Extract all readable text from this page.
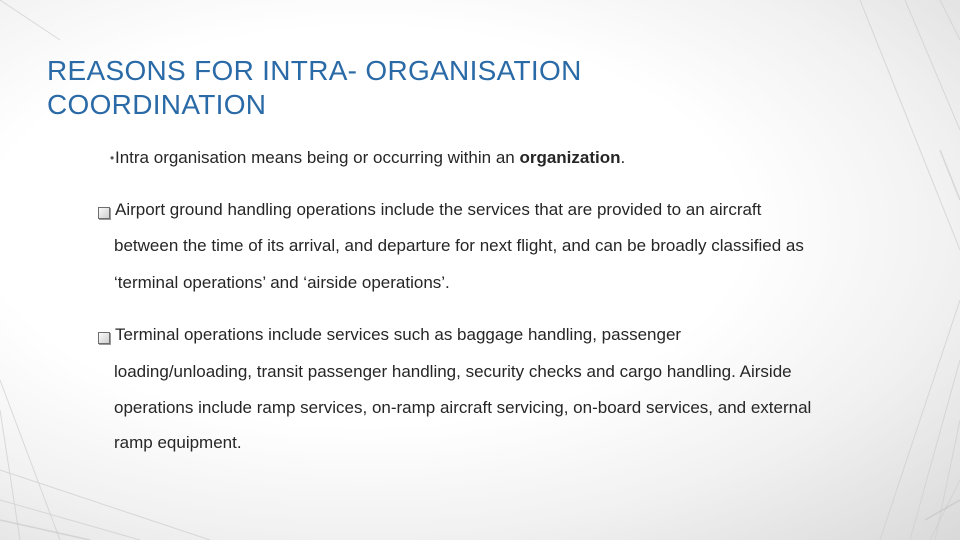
REASONS FOR INTRA- ORGANISATION COORDINATION
• Intra organisation means being or occurring within an organization.
Airport ground handling operations include the services that are provided to an aircraft
between the time of its arrival, and departure for next flight, and can be broadly classified as
‘terminal operations’ and ‘airside operations’.
Terminal operations include services such as baggage handling, passenger
loading/unloading, transit passenger handling, security checks and cargo handling. Airside
operations include ramp services, on-ramp aircraft servicing, on-board services, and external
ramp equipment.
